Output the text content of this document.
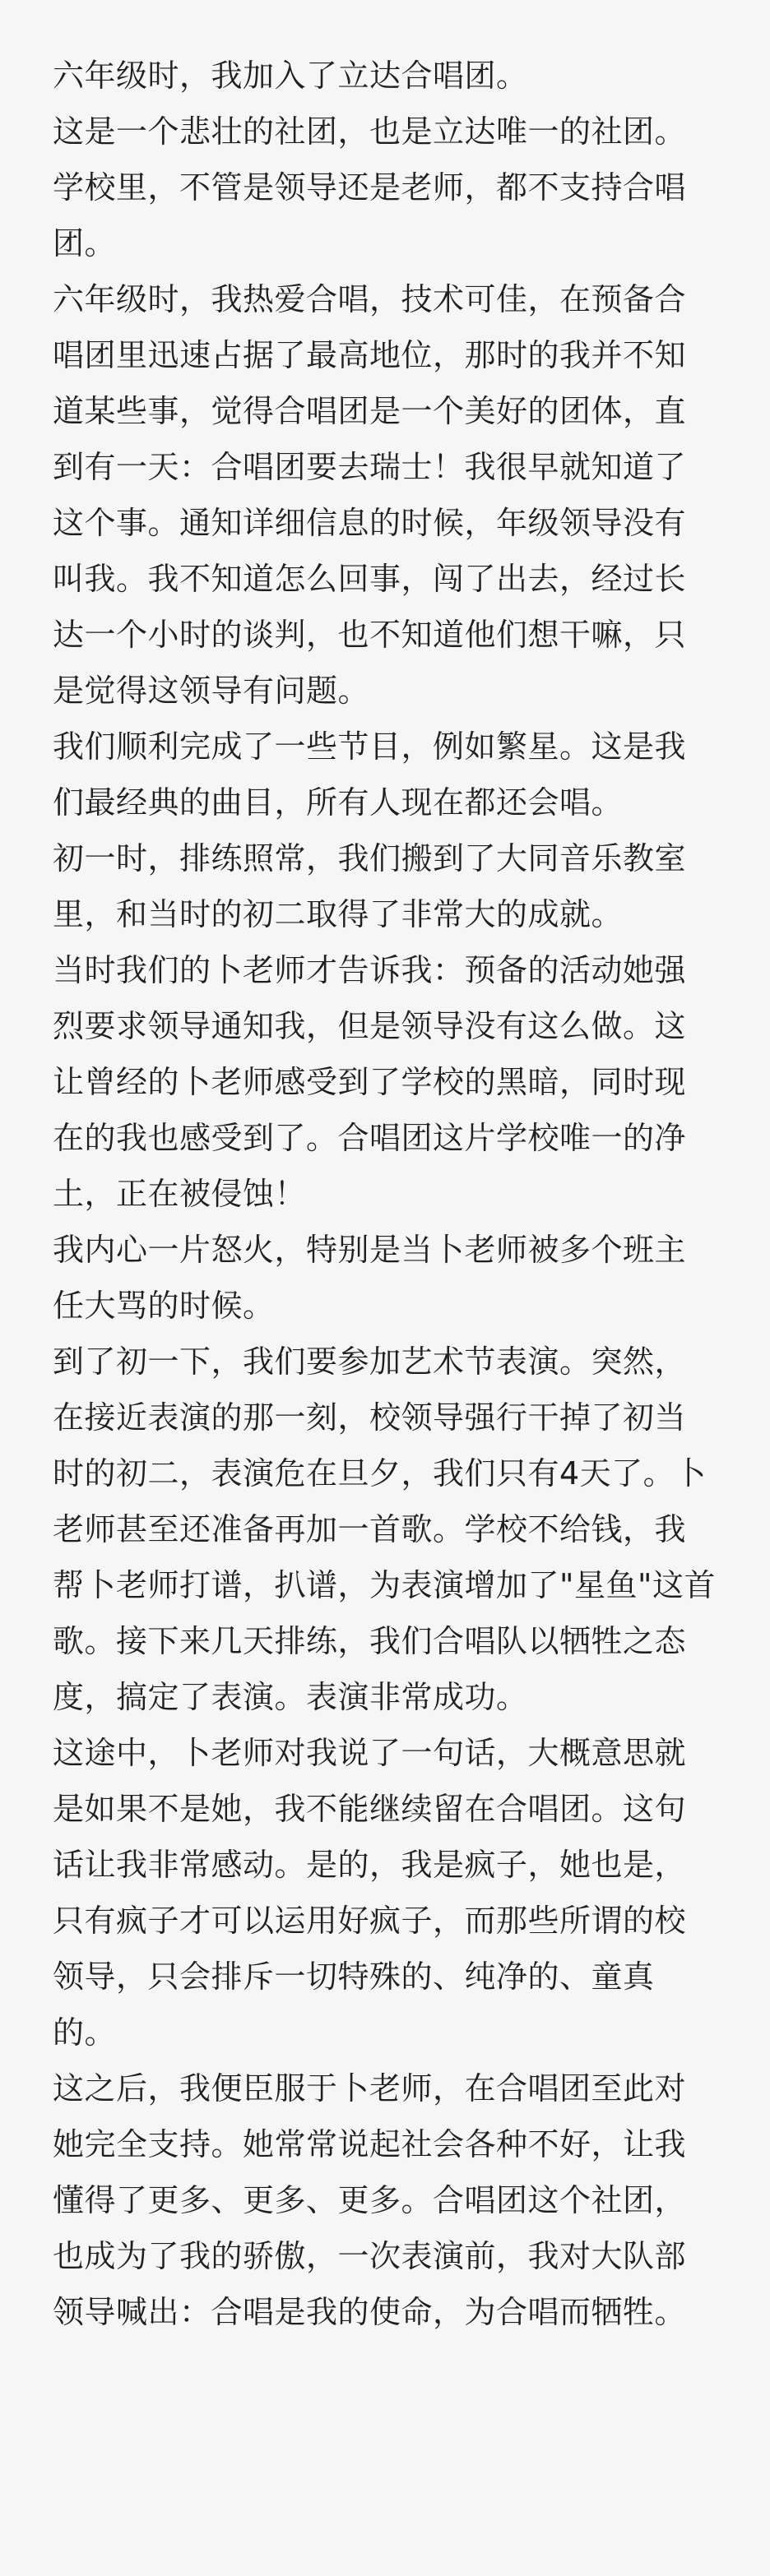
六年级时，我加入了立达合唱团。

这是一个悲壮的社团，也是立达唯一的社团。学校里，不管是领导还是老师，都不支持合唱团。

六年级时，我热爱合唱，技术可佳，在预备合唱团里迅速占据了最高地位，那时的我并不知道某些事，觉得合唱团是一个美好的团体，直到有一天：合唱团要去瑞士！我很早就知道了这个事。通知详细信息的时候，年级领导没有叫我。我不知道怎么回事，闯了出去，经过长达一个小时的谈判，也不知道他们想干嘛，只是觉得这领导有问题。

我们顺利完成了一些节目，例如繁星。这是我们最经典的曲目，所有人现在都还会唱。

初一时，排练照常，我们搬到了大同音乐教室里，和当时的初二取得了非常大的成就。

当时我们的卜老师才告诉我：预备的活动她强烈要求领导通知我，但是领导没有这么做。这让曾经的卜老师感受到了学校的黑暗，同时现在的我也感受到了。合唱团这片学校唯一的净土，正在被侵蚀！

我内心一片怒火，特别是当卜老师被多个班主任大骂的时候。

到了初一下，我们要参加艺术节表演。突然，在接近表演的那一刻，校领导强行干掉了初当时的初二，表演危在旦夕，我们只有4天了。卜老师甚至还准备再加一首歌。学校不给钱，我帮卜老师打谱，扒谱，为表演增加了"星鱼"这首歌。接下来几天排练，我们合唱队以牺牲之态度，搞定了表演。表演非常成功。

这途中，卜老师对我说了一句话，大概意思就是如果不是她，我不能继续留在合唱团。这句话让我非常感动。是的，我是疯子，她也是，只有疯子才可以运用好疯子，而那些所谓的校领导，只会排斥一切特殊的、纯净的、童真的。

这之后，我便臣服于卜老师，在合唱团至此对她完全支持。她常常说起社会各种不好，让我懂得了更多、更多、更多。合唱团这个社团，也成为了我的骄傲，一次表演前，我对大队部领导喊出：合唱是我的使命，为合唱而牺牲。
